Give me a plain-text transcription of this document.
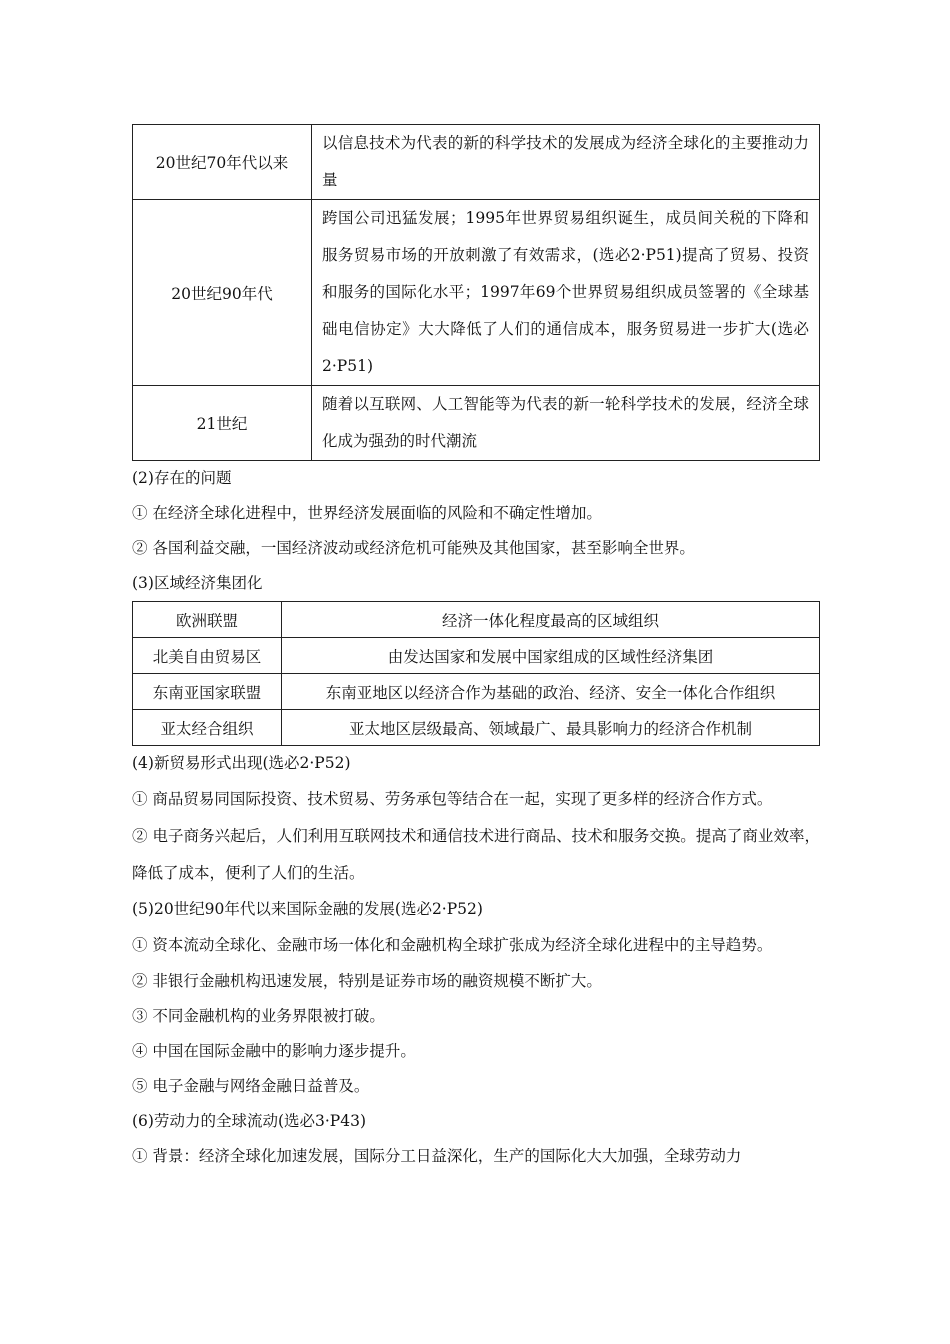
20世纪70年代以来	以信息技术为代表的新的科学技术的发展成为经济全球化的主要推动力量
20世纪90年代	跨国公司迅猛发展；1995年世界贸易组织诞生，成员间关税的下降和服务贸易市场的开放刺激了有效需求，(选必2·P51)提高了贸易、投资和服务的国际化水平；1997年69个世界贸易组织成员签署的《全球基础电信协定》大大降低了人们的通信成本，服务贸易进一步扩大(选必2·P51)
21世纪	随着以互联网、人工智能等为代表的新一轮科学技术的发展，经济全球化成为强劲的时代潮流

(2)存在的问题

① 在经济全球化进程中，世界经济发展面临的风险和不确定性增加。

② 各国利益交融，一国经济波动或经济危机可能殃及其他国家，甚至影响全世界。

(3)区域经济集团化

欧洲联盟	经济一体化程度最高的区域组织
北美自由贸易区	由发达国家和发展中国家组成的区域性经济集团
东南亚国家联盟	东南亚地区以经济合作为基础的政治、经济、安全一体化合作组织
亚太经合组织	亚太地区层级最高、领域最广、最具影响力的经济合作机制

(4)新贸易形式出现(选必2·P52)

① 商品贸易同国际投资、技术贸易、劳务承包等结合在一起，实现了更多样的经济合作方式。

② 电子商务兴起后，人们利用互联网技术和通信技术进行商品、技术和服务交换。提高了商业效率，降低了成本，便利了人们的生活。

(5)20世纪90年代以来国际金融的发展(选必2·P52)

① 资本流动全球化、金融市场一体化和金融机构全球扩张成为经济全球化进程中的主导趋势。

② 非银行金融机构迅速发展，特别是证券市场的融资规模不断扩大。

③ 不同金融机构的业务界限被打破。

④ 中国在国际金融中的影响力逐步提升。

⑤ 电子金融与网络金融日益普及。

(6)劳动力的全球流动(选必3·P43)

① 背景：经济全球化加速发展，国际分工日益深化，生产的国际化大大加强，全球劳动力
